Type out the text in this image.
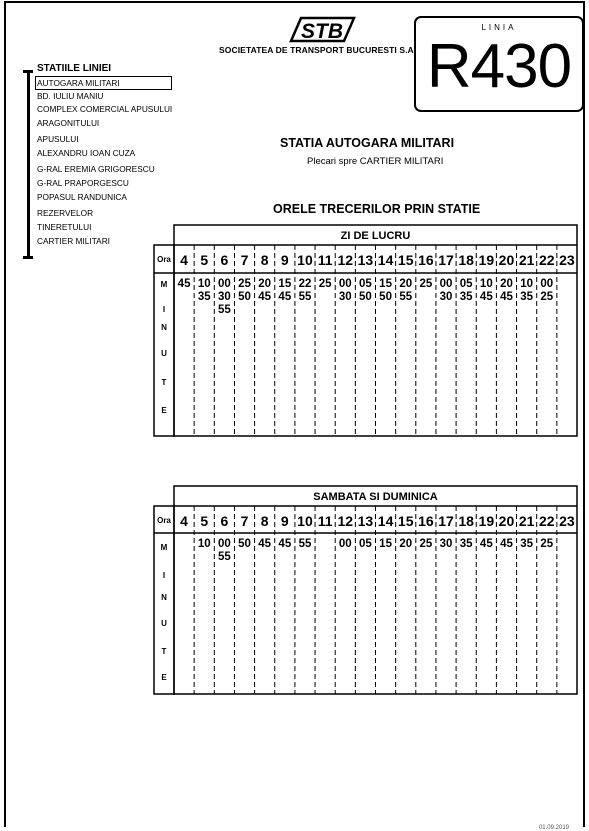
STB
SOCIETATEA DE TRANSPORT BUCURESTI S.A.
LINIA
R430
STATIILE LINIEI
AUTOGARA MILITARI
BD. IULIU MANIU
COMPLEX COMERCIAL APUSULUI
ARAGONITULUI
APUSULUI
ALEXANDRU IOAN CUZA
G-RAL EREMIA GRIGORESCU
G-RAL PRAPORGESCU
POPASUL RANDUNICA
REZERVELOR
TINERETULUI
CARTIER MILITARI
STATIA AUTOGARA MILITARI
Plecari spre CARTIER MILITARI
ORELE TRECERILOR PRIN STATIE
ZI DE LUCRU
Ora
M
I
N
U
T
E
4
45
5
10
35
6
00
30
55
7
25
50
8
20
45
9
15
45
10
22
55
11
25
12
00
30
13
05
50
14
15
50
15
20
55
16
25
17
00
30
18
05
35
19
10
45
20
20
45
21
10
35
22
00
25
23
SAMBATA SI DUMINICA
Ora
M
I
N
U
T
E
4 5
10
6
00
55
7
50
8
45
9
45
10
55
11 12
00
13
05
14
15
15
20
16
25
17
30
18
35
19
45
20
45
21
35
22
25
23
01.09.2019
